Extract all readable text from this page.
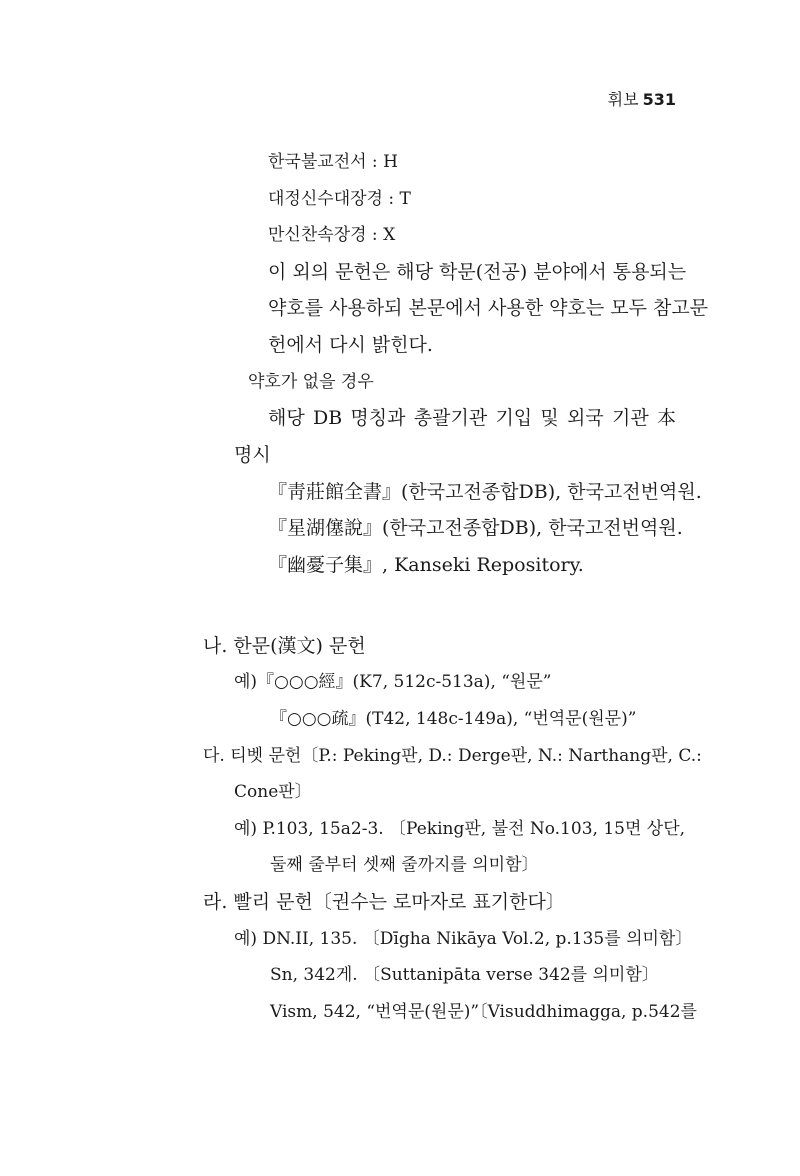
휘보 531
한국불교전서 : H
대정신수대장경 : T
만신찬속장경 : X
이 외의 문헌은 해당 학문(전공) 분야에서 통용되는
약호를 사용하되 본문에서 사용한 약호는 모두 참고문
헌에서 다시 밝힌다.
약호가 없을 경우
해당 DB 명칭과 총괄기관 기입 및 외국 기관 本
명시
『靑莊館全書』(한국고전종합DB), 한국고전번역원.
『星湖僿說』(한국고전종합DB), 한국고전번역원.
『幽憂子集』, Kanseki Repository.
나. 한문(漢文) 문헌
예)『○○○經』(K7, 512c-513a), “원문”
『○○○疏』(T42, 148c-149a), “번역문(원문)”
다. 티벳 문헌〔P.: Peking판, D.: Derge판, N.: Narthang판, C.:
Cone판〕
예) P.103, 15a2-3. 〔Peking판, 불전 No.103, 15면 상단,
둘째 줄부터 셋째 줄까지를 의미함〕
라. 빨리 문헌〔권수는 로마자로 표기한다〕
예) DN.II, 135. 〔Dīgha Nikāya Vol.2, p.135를 의미함〕
Sn, 342게. 〔Suttanipāta verse 342를 의미함〕
Vism, 542, “번역문(원문)”〔Visuddhimagga, p.542를
